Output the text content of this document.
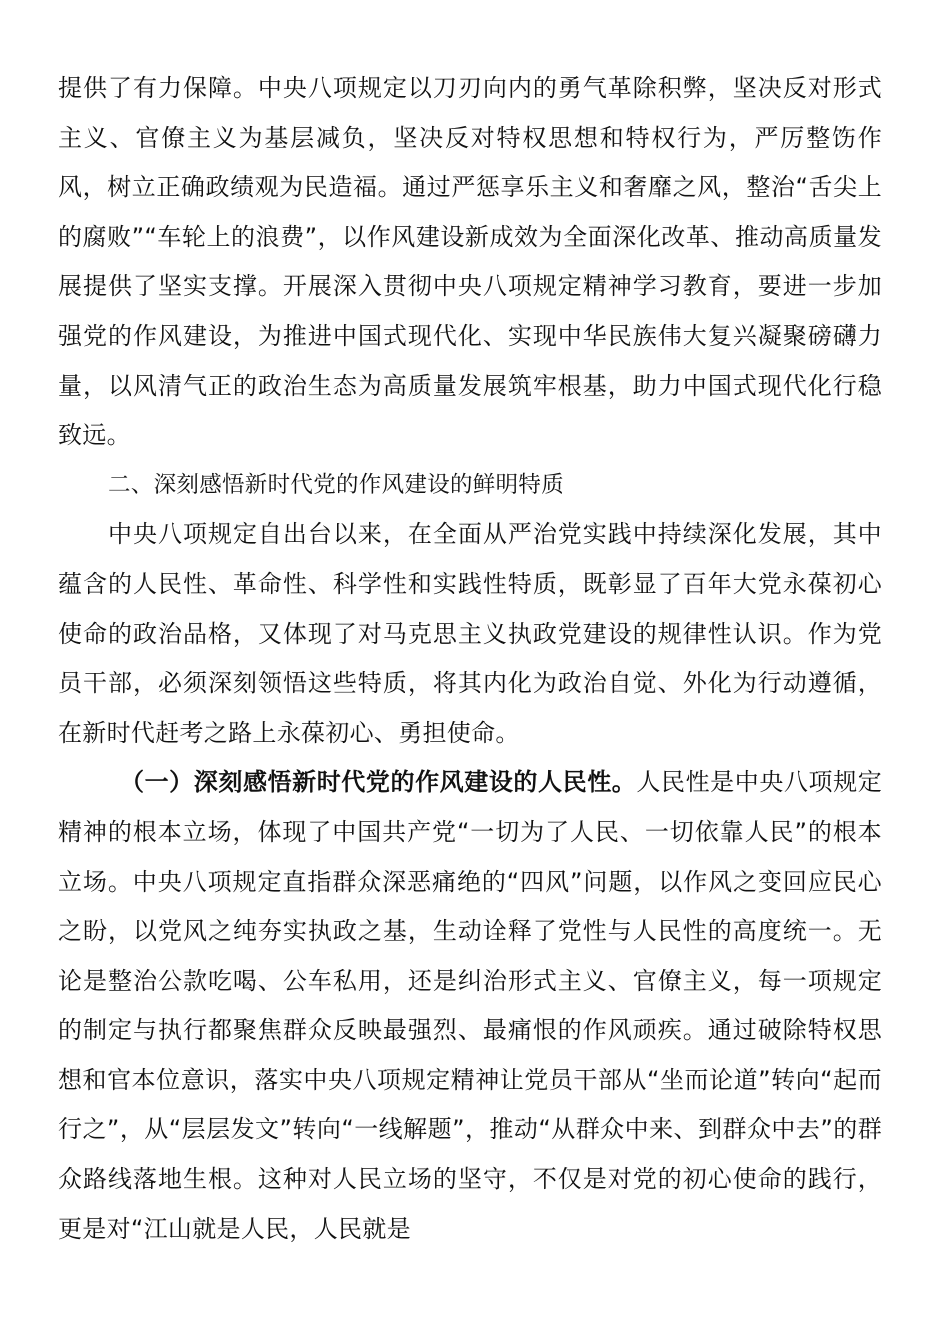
提供了有力保障。中央八项规定以刀刃向内的勇气革除积弊，坚决反对形式主义、官僚主义为基层减负，坚决反对特权思想和特权行为，严厉整饬作风，树立正确政绩观为民造福。通过严惩享乐主义和奢靡之风，整治“舌尖上的腐败”“车轮上的浪费”，以作风建设新成效为全面深化改革、推动高质量发展提供了坚实支撑。开展深入贯彻中央八项规定精神学习教育，要进一步加强党的作风建设，为推进中国式现代化、实现中华民族伟大复兴凝聚磅礴力量，以风清气正的政治生态为高质量发展筑牢根基，助力中国式现代化行稳致远。

二、深刻感悟新时代党的作风建设的鲜明特质

中央八项规定自出台以来，在全面从严治党实践中持续深化发展，其中蕴含的人民性、革命性、科学性和实践性特质，既彰显了百年大党永葆初心使命的政治品格，又体现了对马克思主义执政党建设的规律性认识。作为党员干部，必须深刻领悟这些特质，将其内化为政治自觉、外化为行动遵循，在新时代赶考之路上永葆初心、勇担使命。

（一）深刻感悟新时代党的作风建设的人民性。人民性是中央八项规定精神的根本立场，体现了中国共产党“一切为了人民、一切依靠人民”的根本立场。中央八项规定直指群众深恶痛绝的“四风”问题，以作风之变回应民心之盼，以党风之纯夯实执政之基，生动诠释了党性与人民性的高度统一。无论是整治公款吃喝、公车私用，还是纠治形式主义、官僚主义，每一项规定的制定与执行都聚焦群众反映最强烈、最痛恨的作风顽疾。通过破除特权思想和官本位意识，落实中央八项规定精神让党员干部从“坐而论道”转向“起而行之”，从“层层发文”转向“一线解题”，推动“从群众中来、到群众中去”的群众路线落地生根。这种对人民立场的坚守，不仅是对党的初心使命的践行，更是对“江山就是人民，人民就是
